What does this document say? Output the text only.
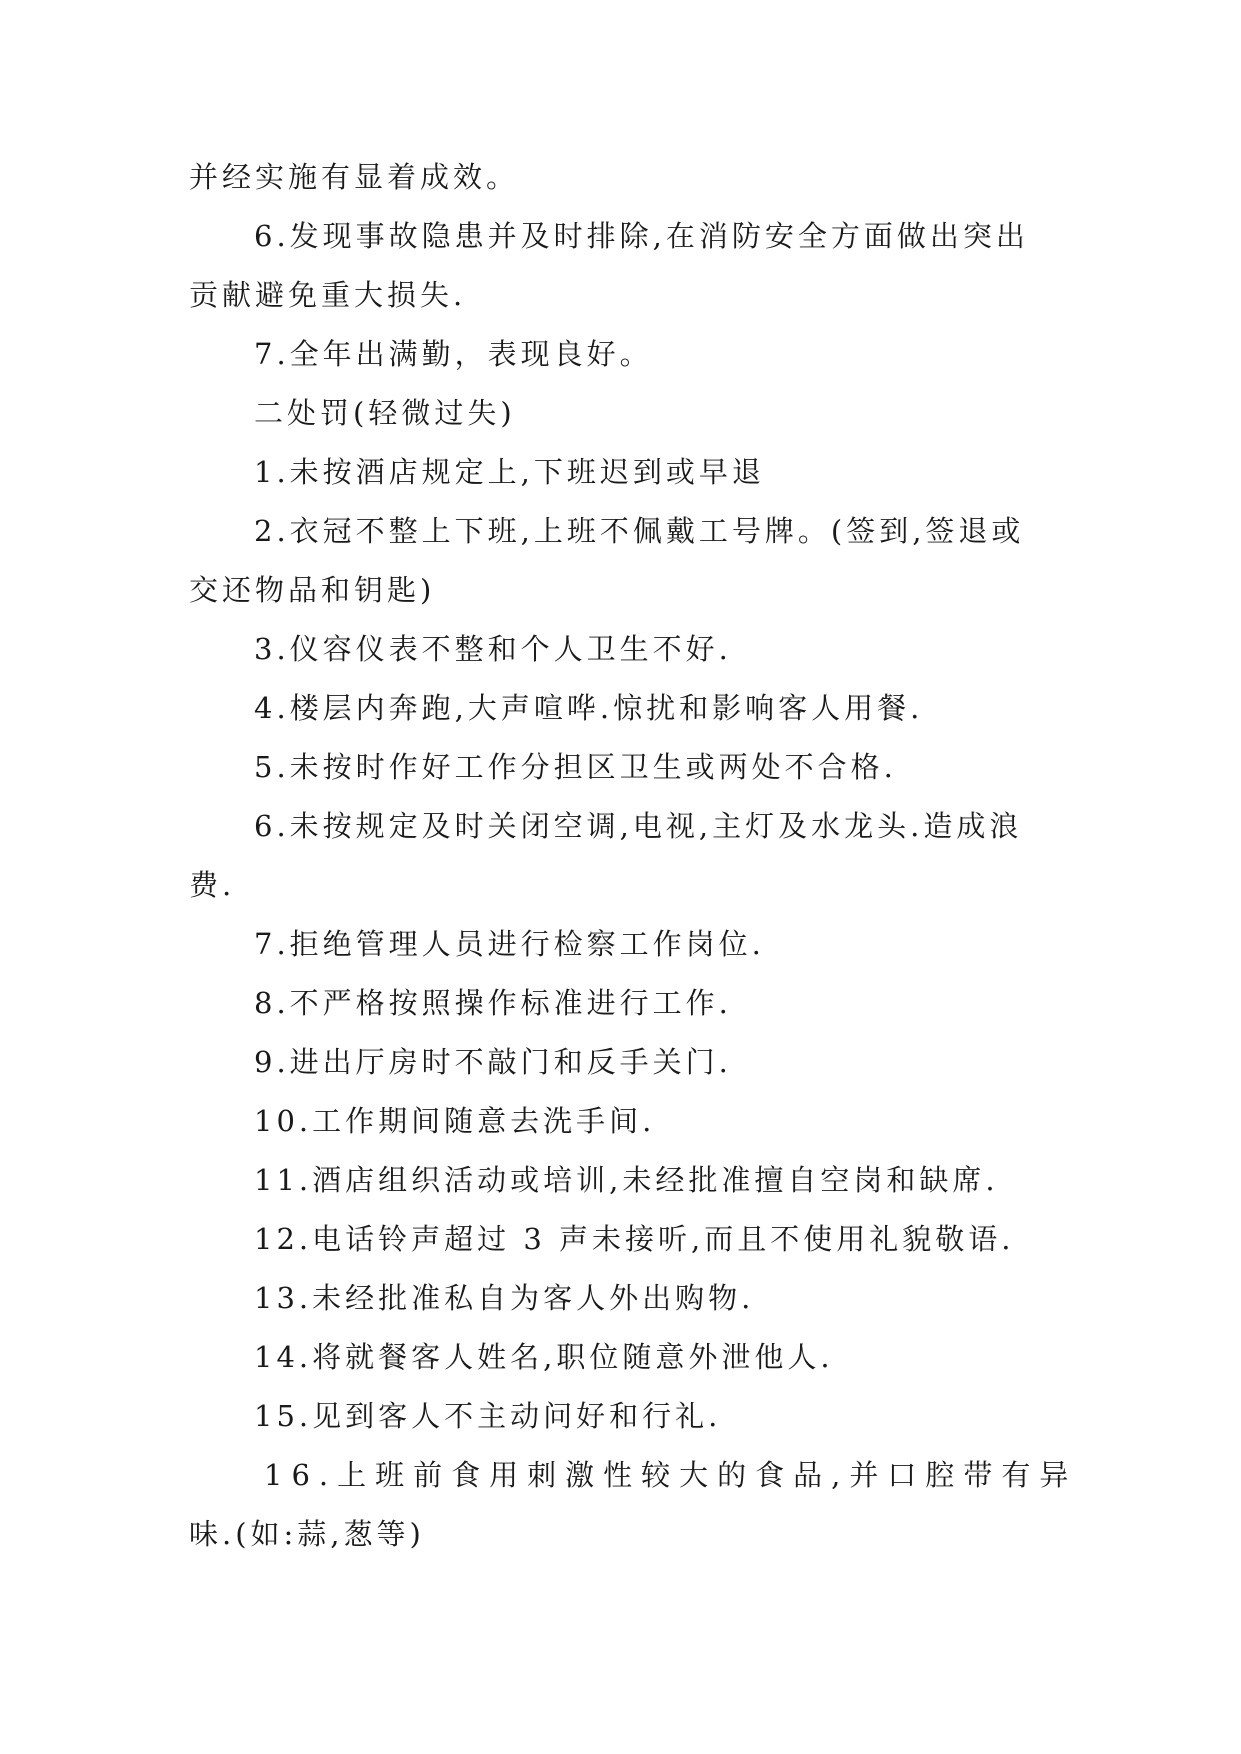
并经实施有显着成效。
6.发现事故隐患并及时排除,在消防安全方面做出突出
贡献避免重大损失.
7.全年出满勤，表现良好。
二处罚(轻微过失)
1.未按酒店规定上,下班迟到或早退
2.衣冠不整上下班,上班不佩戴工号牌。(签到,签退或
交还物品和钥匙)
3.仪容仪表不整和个人卫生不好.
4.楼层内奔跑,大声喧哗.惊扰和影响客人用餐.
5.未按时作好工作分担区卫生或两处不合格.
6.未按规定及时关闭空调,电视,主灯及水龙头.造成浪
费.
7.拒绝管理人员进行检察工作岗位.
8.不严格按照操作标准进行工作.
9.进出厅房时不敲门和反手关门.
10.工作期间随意去洗手间.
11.酒店组织活动或培训,未经批准擅自空岗和缺席.
12.电话铃声超过 3 声未接听,而且不使用礼貌敬语.
13.未经批准私自为客人外出购物.
14.将就餐客人姓名,职位随意外泄他人.
15.见到客人不主动问好和行礼.
16.上班前食用刺激性较大的食品,并口腔带有异
味.(如:蒜,葱等)
